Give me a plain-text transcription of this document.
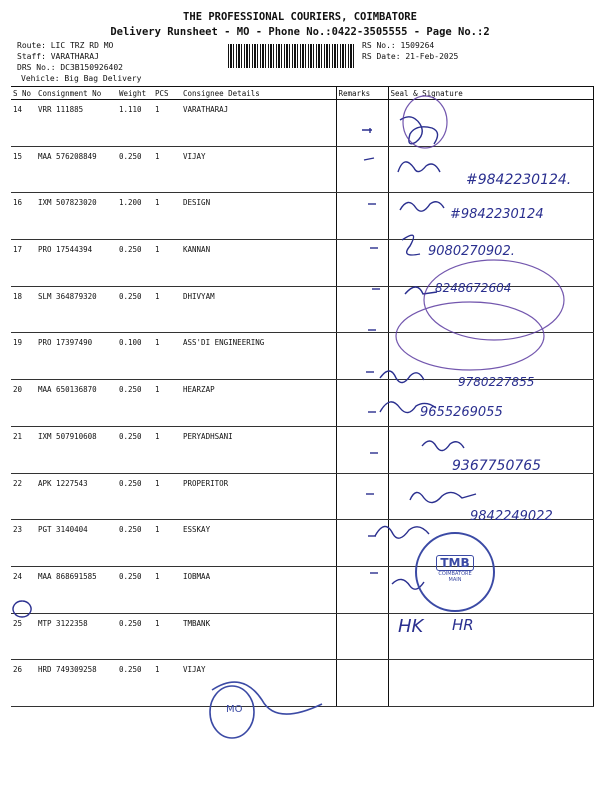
THE PROFESSIONAL COURIERS, COIMBATORE
Delivery Runsheet - MO - Phone No.:0422-3505555 - Page No.:2
Route: LIC TRZ RD MO
Staff: VARATHARAJ
DRS No.: DC3B150926402
Vehicle: Big Bag Delivery
RS No.: 1509264
RS Date: 21-Feb-2025
S No	Consignment No	Weight	PCS	Consignee Details	Remarks	Seal & Signature
14	VRR 111885	1.110	1	VARATHARAJ		
15	MAA 576208849	0.250	1	VIJAY		
16	IXM 507823020	1.200	1	DESIGN		
17	PRO 17544394	0.250	1	KANNAN		
18	SLM 364879320	0.250	1	DHIVYAM		
19	PRO 17397490	0.100	1	ASS'DI ENGINEERING		
20	MAA 650136870	0.250	1	HEARZAP		
21	IXM 507910608	0.250	1	PERYADHSANI		
22	APK 1227543	0.250	1	PROPERITOR		
23	PGT 3140404	0.250	1	ESSKAY		
24	MAA 868691585	0.250	1	IOBMAA		
25	MTP 3122358	0.250	1	TMBANK		
26	HRD 749309258	0.250	1	VIJAY		
#9842230124.
#9842230124
9080270902.
8248672604
9780227855
9655269055
9367750765
9842249022
HK HR
MO
TMB
COIMBATORE
MAIN
